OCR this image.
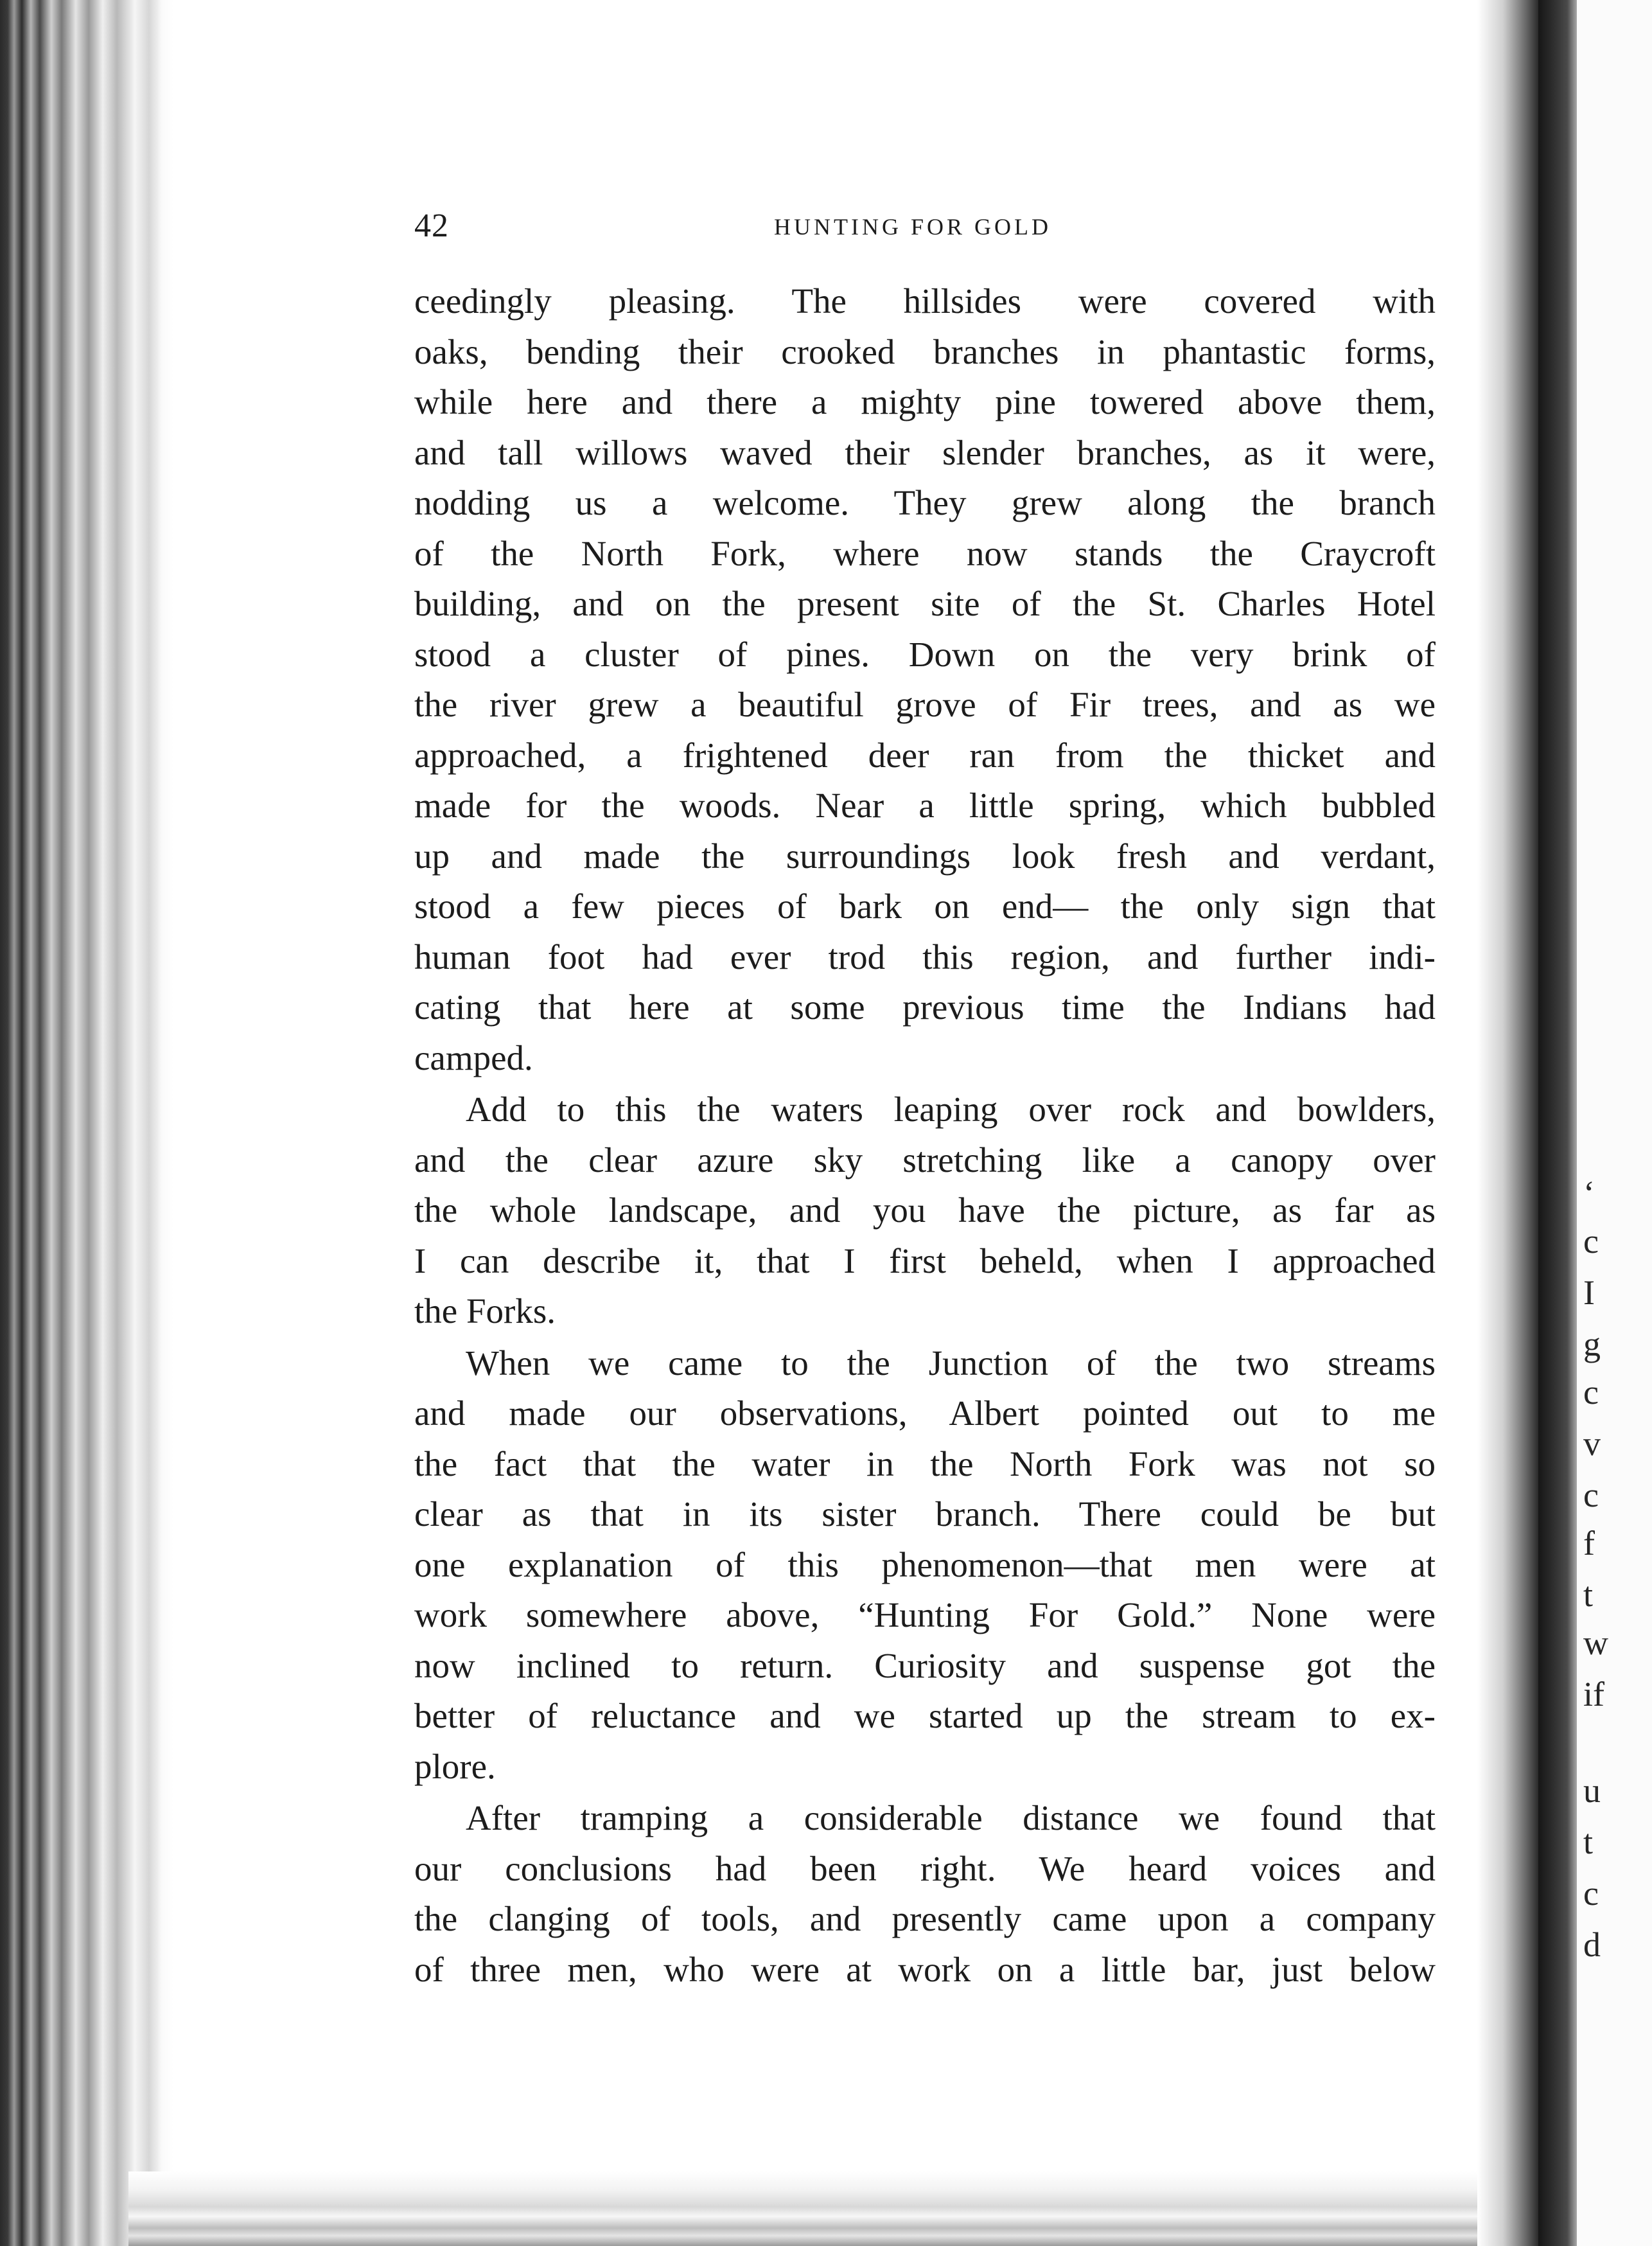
ʻ
c
I
g
c
v
c
f
t
w
if
u
t
c
d
42	HUNTING FOR GOLD
ceedingly pleasing. The hillsides were covered with
oaks, bending their crooked branches in phantastic forms,
while here and there a mighty pine towered above them,
and tall willows waved their slender branches, as it were,
nodding us a welcome. They grew along the branch
of the North Fork, where now stands the Craycroft
building, and on the present site of the St. Charles Hotel
stood a cluster of pines. Down on the very brink of
the river grew a beautiful grove of Fir trees, and as we
approached, a frightened deer ran from the thicket and
made for the woods. Near a little spring, which bubbled
up and made the surroundings look fresh and verdant,
stood a few pieces of bark on end— the only sign that
human foot had ever trod this region, and further indi-
cating that here at some previous time the Indians had
camped.
Add to this the waters leaping over rock and bowlders,
and the clear azure sky stretching like a canopy over
the whole landscape, and you have the picture, as far as
I can describe it, that I first beheld, when I approached
the Forks.
When we came to the Junction of the two streams
and made our observations, Albert pointed out to me
the fact that the water in the North Fork was not so
clear as that in its sister branch. There could be but
one explanation of this phenomenon—that men were at
work somewhere above, “Hunting For Gold.” None were
now inclined to return. Curiosity and suspense got the
better of reluctance and we started up the stream to ex-
plore.
After tramping a considerable distance we found that
our conclusions had been right. We heard voices and
the clanging of tools, and presently came upon a company
of three men, who were at work on a little bar, just below
